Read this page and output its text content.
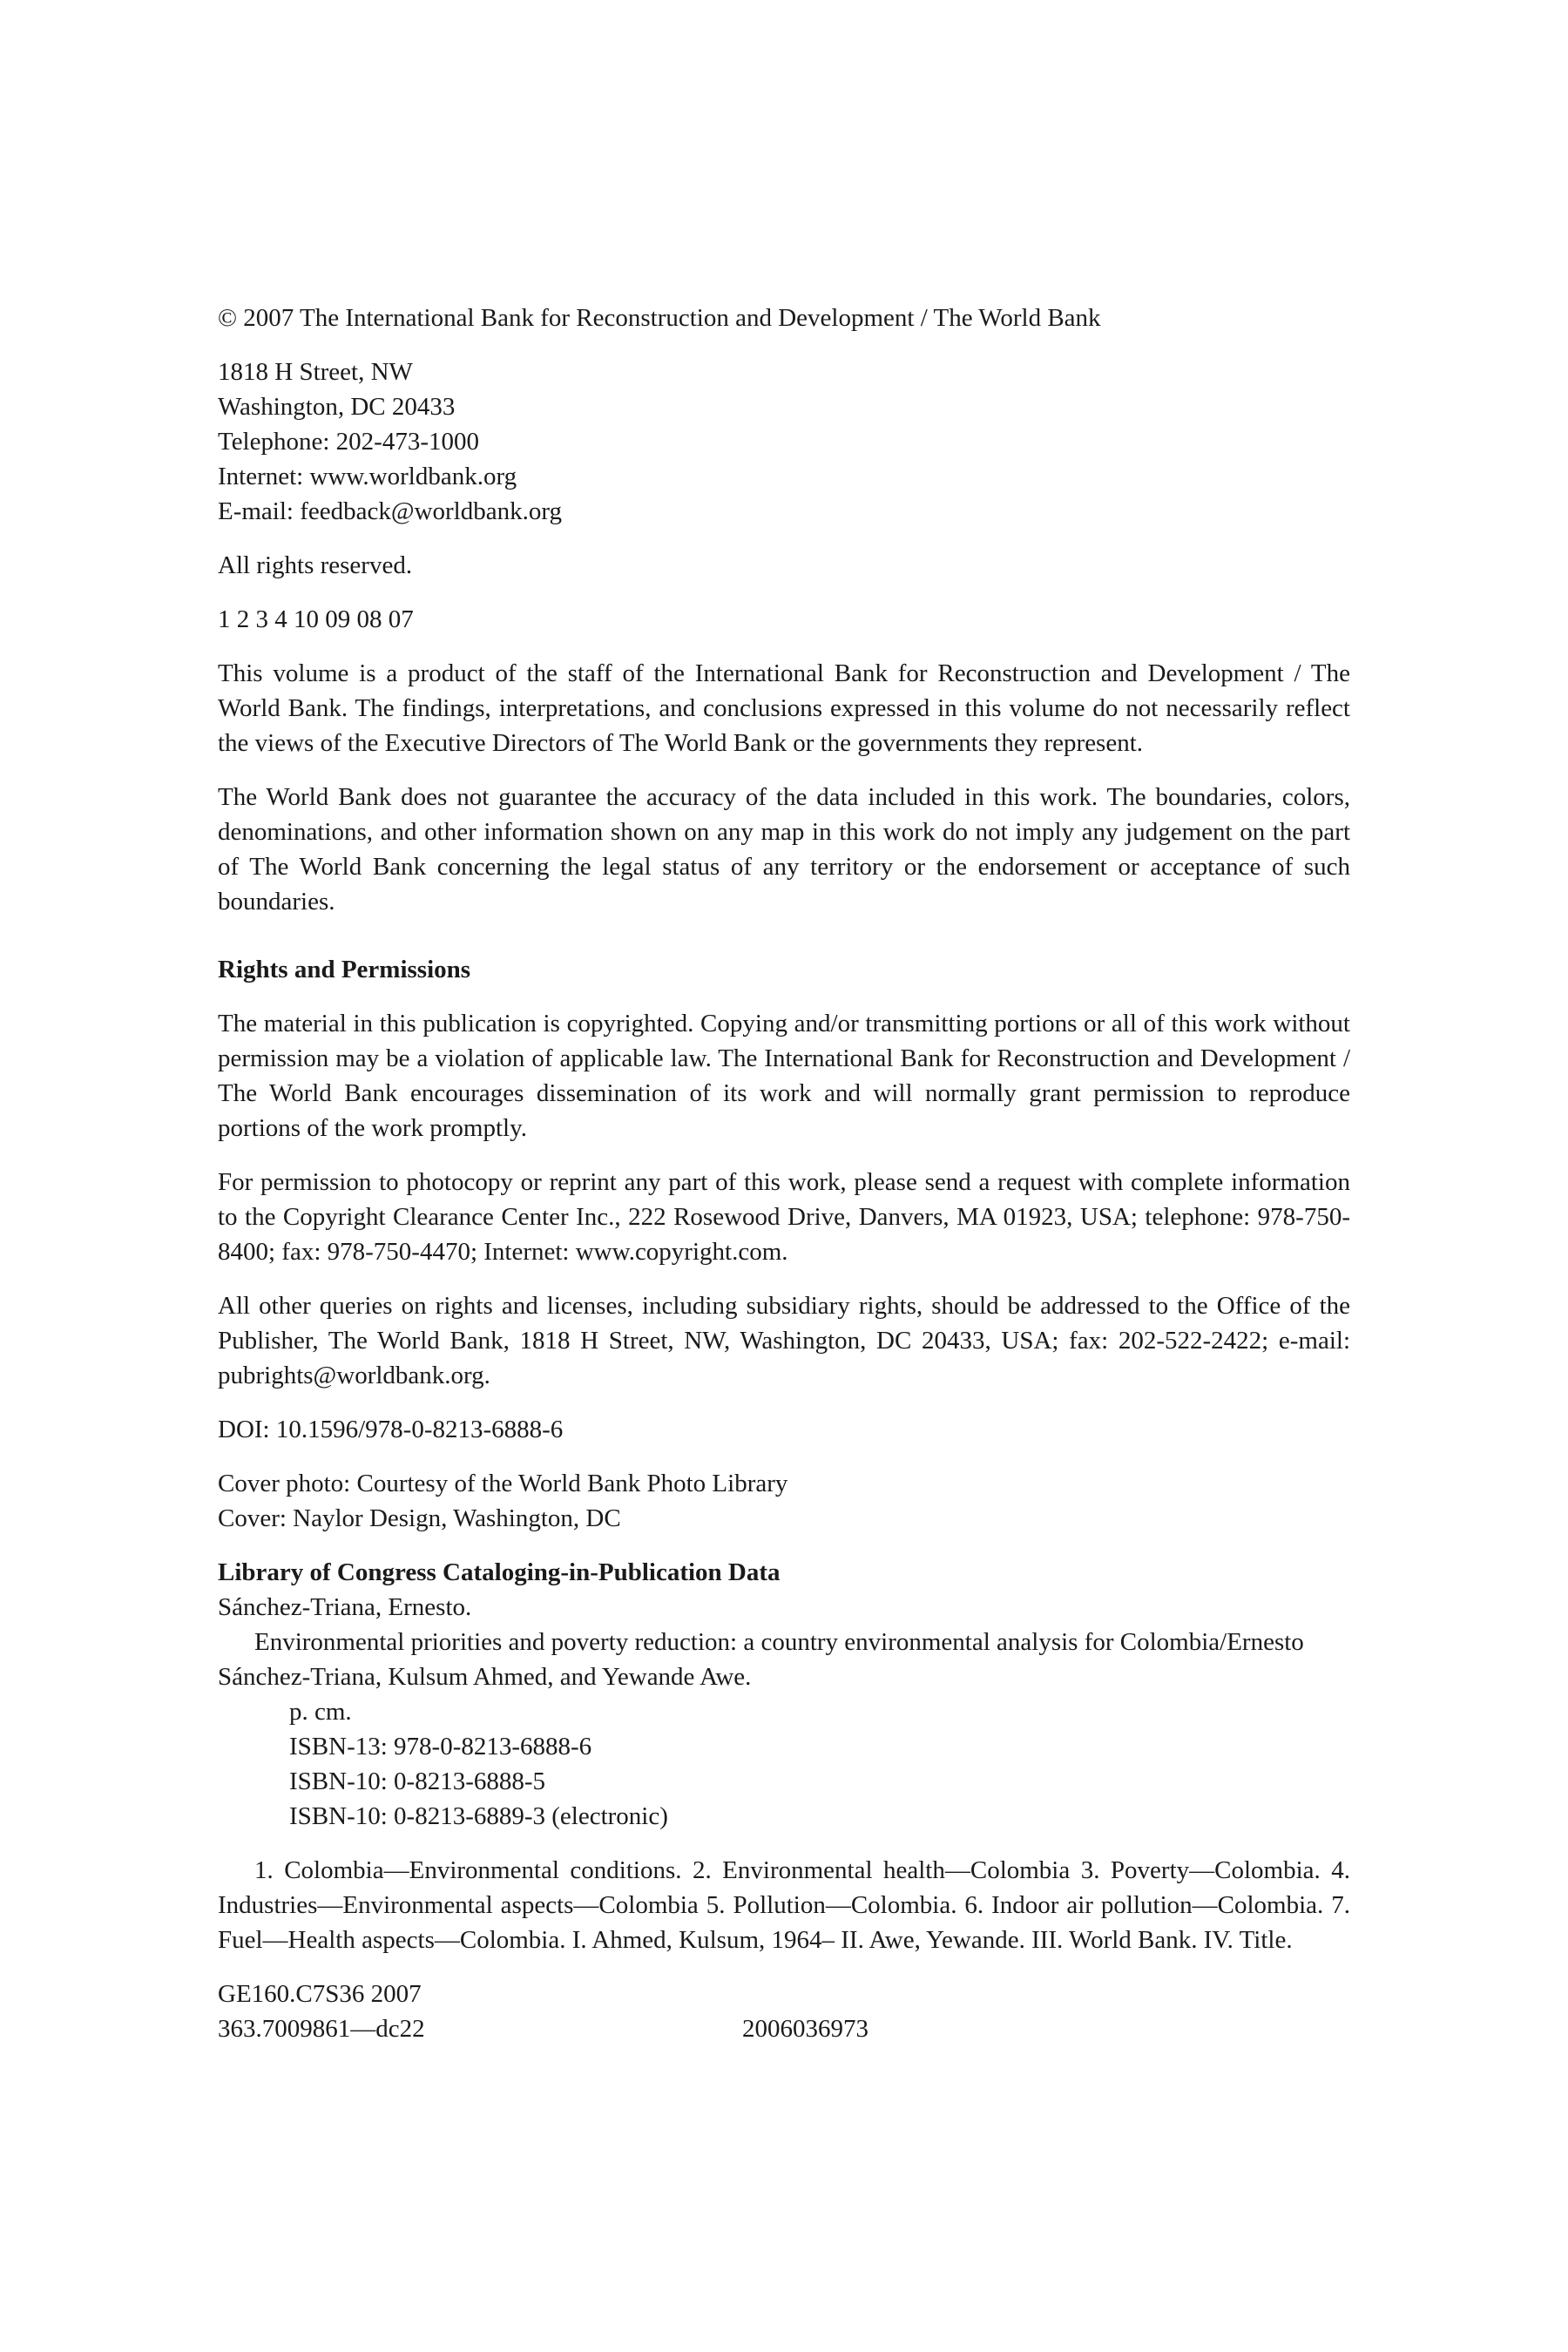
© 2007 The International Bank for Reconstruction and Development / The World Bank

1818 H Street, NW
Washington, DC 20433
Telephone: 202-473-1000
Internet: www.worldbank.org
E-mail: feedback@worldbank.org

All rights reserved.

1 2 3 4 10 09 08 07

This volume is a product of the staff of the International Bank for Reconstruction and Development / The World Bank. The findings, interpretations, and conclusions expressed in this volume do not necessarily reflect the views of the Executive Directors of The World Bank or the governments they represent.

The World Bank does not guarantee the accuracy of the data included in this work. The boundaries, colors, denominations, and other information shown on any map in this work do not imply any judgement on the part of The World Bank concerning the legal status of any territory or the endorsement or acceptance of such boundaries.

Rights and Permissions

The material in this publication is copyrighted. Copying and/or transmitting portions or all of this work without permission may be a violation of applicable law. The International Bank for Reconstruction and Development / The World Bank encourages dissemination of its work and will normally grant permission to reproduce portions of the work promptly.

For permission to photocopy or reprint any part of this work, please send a request with complete information to the Copyright Clearance Center Inc., 222 Rosewood Drive, Danvers, MA 01923, USA; telephone: 978-750-8400; fax: 978-750-4470; Internet: www.copyright.com.

All other queries on rights and licenses, including subsidiary rights, should be addressed to the Office of the Publisher, The World Bank, 1818 H Street, NW, Washington, DC 20433, USA; fax: 202-522-2422; e-mail: pubrights@worldbank.org.

DOI: 10.1596/978-0-8213-6888-6

Cover photo: Courtesy of the World Bank Photo Library
Cover: Naylor Design, Washington, DC
Library of Congress Cataloging-in-Publication Data
Sánchez-Triana, Ernesto.

Environmental priorities and poverty reduction: a country environmental analysis for Colombia/Ernesto Sánchez-Triana, Kulsum Ahmed, and Yewande Awe.

p. cm.
ISBN-13: 978-0-8213-6888-6
ISBN-10: 0-8213-6888-5
ISBN-10: 0-8213-6889-3 (electronic)

1. Colombia—Environmental conditions. 2. Environmental health—Colombia 3. Poverty—Colombia. 4. Industries—Environmental aspects—Colombia 5. Pollution—Colombia. 6. Indoor air pollution—Colombia. 7. Fuel—Health aspects—Colombia. I. Ahmed, Kulsum, 1964– II. Awe, Yewande. III. World Bank. IV. Title.

GE160.C7S36 2007
363.7009861—dc22	2006036973
